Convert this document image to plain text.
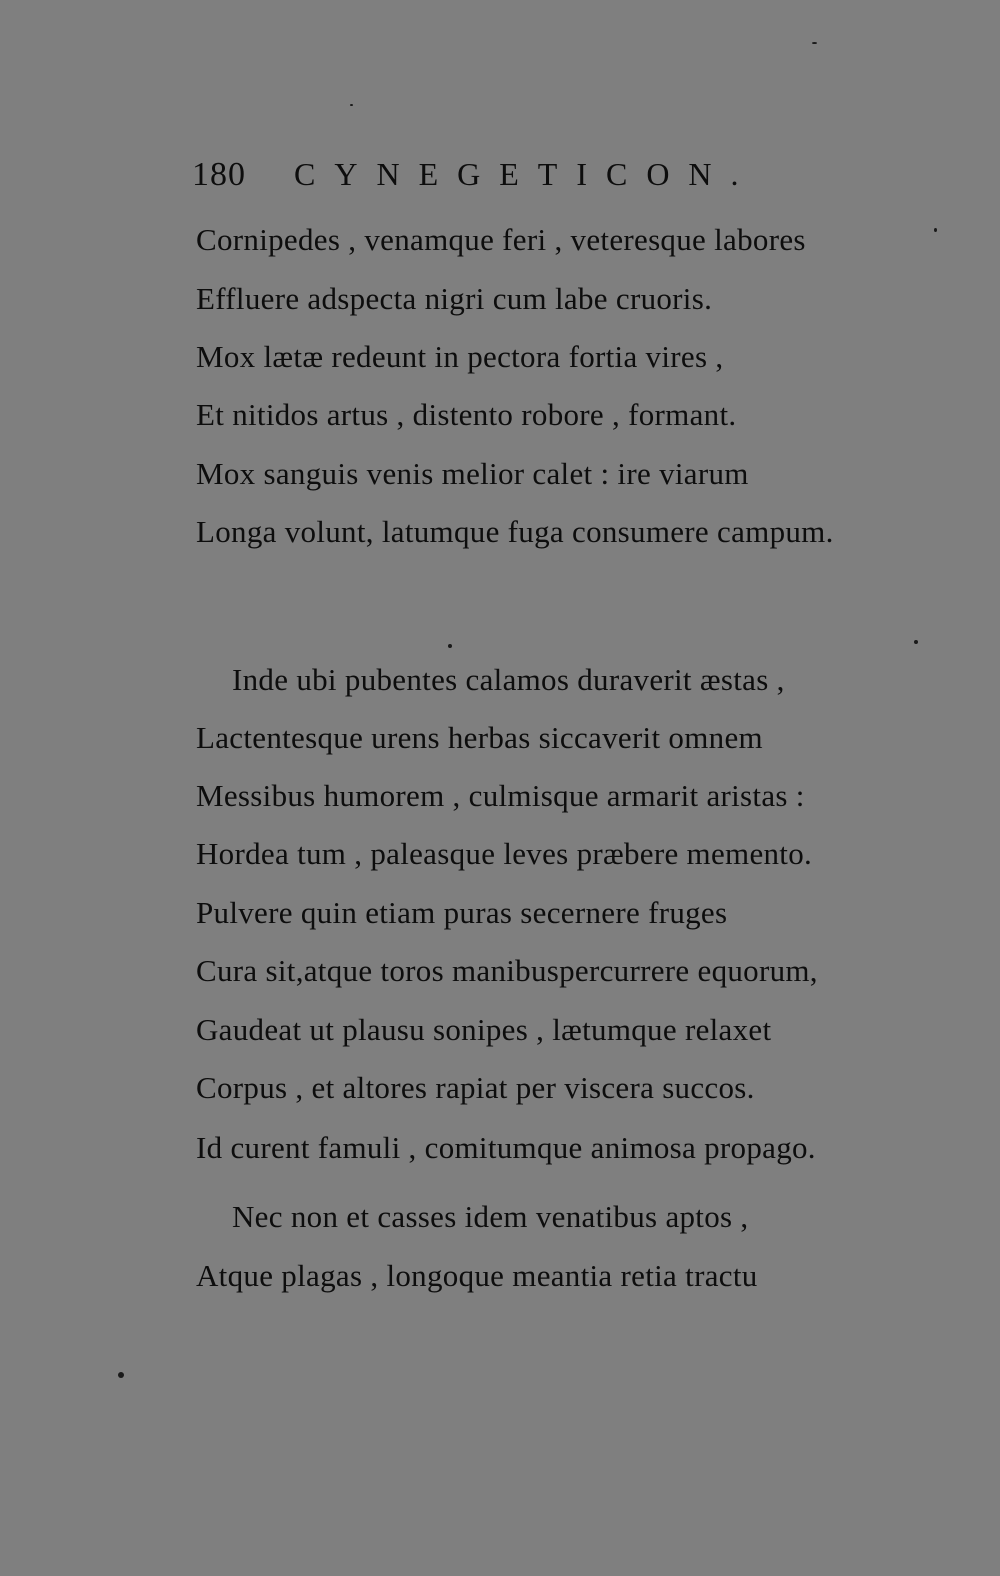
180 CYNEGETICON.
Cornipedes , venamque feri , veteresque labores
Effluere adspecta nigri cum labe cruoris.
Mox lætæ redeunt in pectora fortia vires ,
Et nitidos artus , distento robore , formant.
Mox sanguis venis melior calet : ire viarum
Longa volunt, latumque fuga consumere campum.
Inde ubi pubentes calamos duraverit æstas ,
Lactentesque urens herbas siccaverit omnem
Messibus humorem , culmisque armarit aristas :
Hordea tum , paleasque leves præbere memento.
Pulvere quin etiam puras secernere fruges
Cura sit,atque toros manibuspercurrere equorum,
Gaudeat ut plausu sonipes , lætumque relaxet
Corpus , et altores rapiat per viscera succos.
Id curent famuli , comitumque animosa propago.
Nec non et casses idem venatibus aptos ,
Atque plagas , longoque meantia retia tractu
